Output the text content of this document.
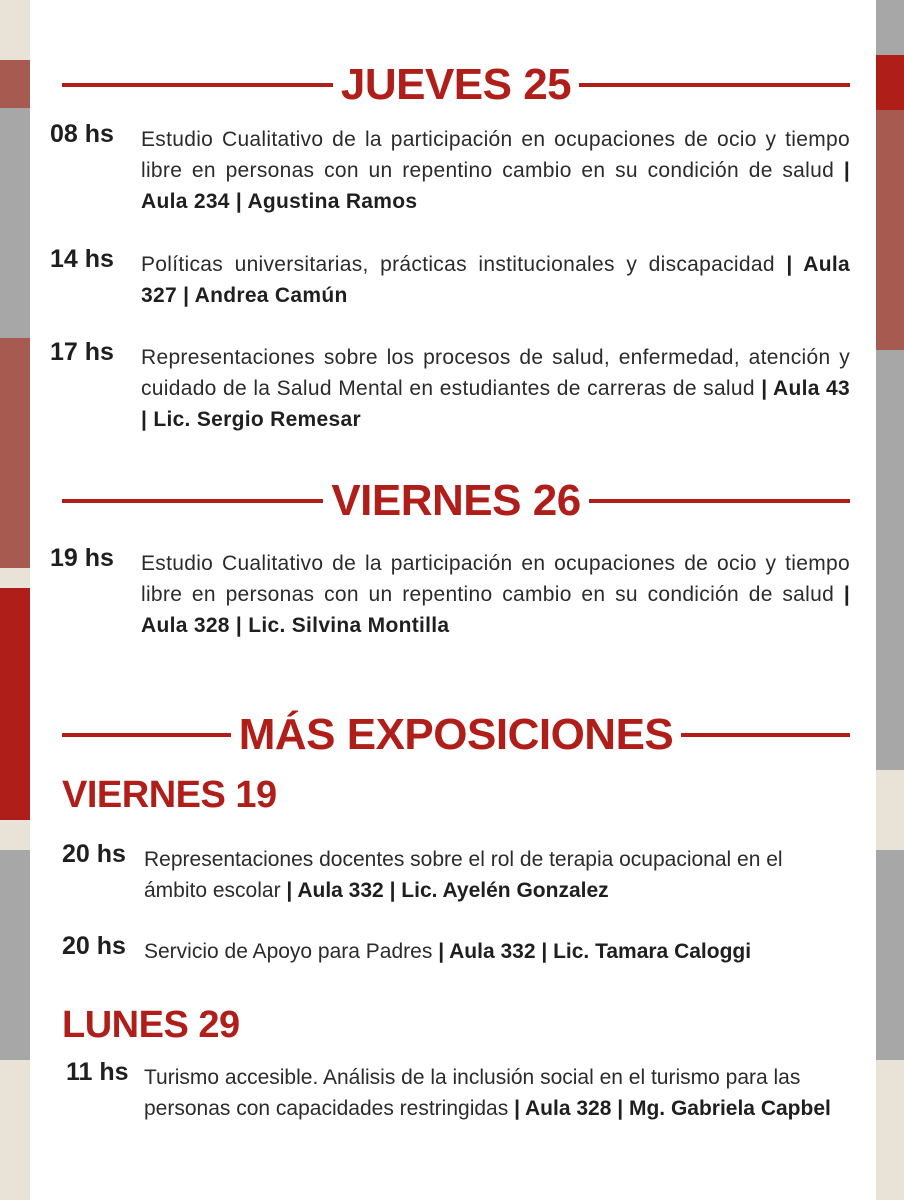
JUEVES 25
08 hs	Estudio Cualitativo de la participación en ocupaciones de ocio y tiempo libre en personas con un repentino cambio en su condición de salud | Aula 234 | Agustina Ramos
14 hs	Políticas universitarias, prácticas institucionales y discapacidad | Aula 327 | Andrea Camún
17 hs	Representaciones sobre los procesos de salud, enfermedad, atención y cuidado de la Salud Mental en estudiantes de carreras de salud | Aula 43 | Lic. Sergio Remesar
VIERNES 26
19 hs	Estudio Cualitativo de la participación en ocupaciones de ocio y tiempo libre en personas con un repentino cambio en su condición de salud | Aula 328 | Lic. Silvina Montilla
MÁS EXPOSICIONES
VIERNES 19
20 hs Representaciones docentes sobre el rol de terapia ocupacional en el ámbito escolar | Aula 332 | Lic. Ayelén Gonzalez
20 hs Servicio de Apoyo para Padres | Aula 332 | Lic. Tamara Caloggi
LUNES 29
11 hs Turismo accesible. Análisis de la inclusión social en el turismo para las personas con capacidades restringidas | Aula 328 | Mg. Gabriela Capbel
